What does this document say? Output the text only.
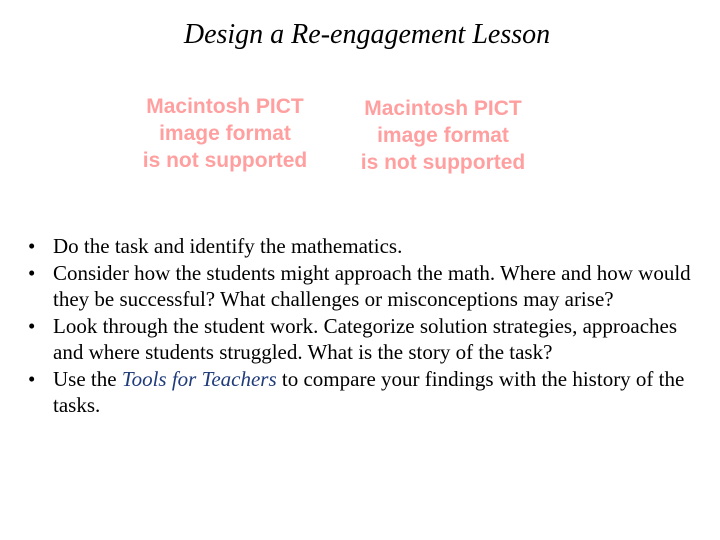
Design a Re-engagement Lesson
Macintosh PICT
image format
is not supported
Macintosh PICT
image format
is not supported
• Do the task and identify the mathematics.
• Consider how the students might approach the math. Where and how would they be successful? What challenges or misconceptions may arise?
• Look through the student work. Categorize solution strategies, approaches and where students struggled. What is the story of the task?
• Use the Tools for Teachers to compare your findings with the history of the tasks.
